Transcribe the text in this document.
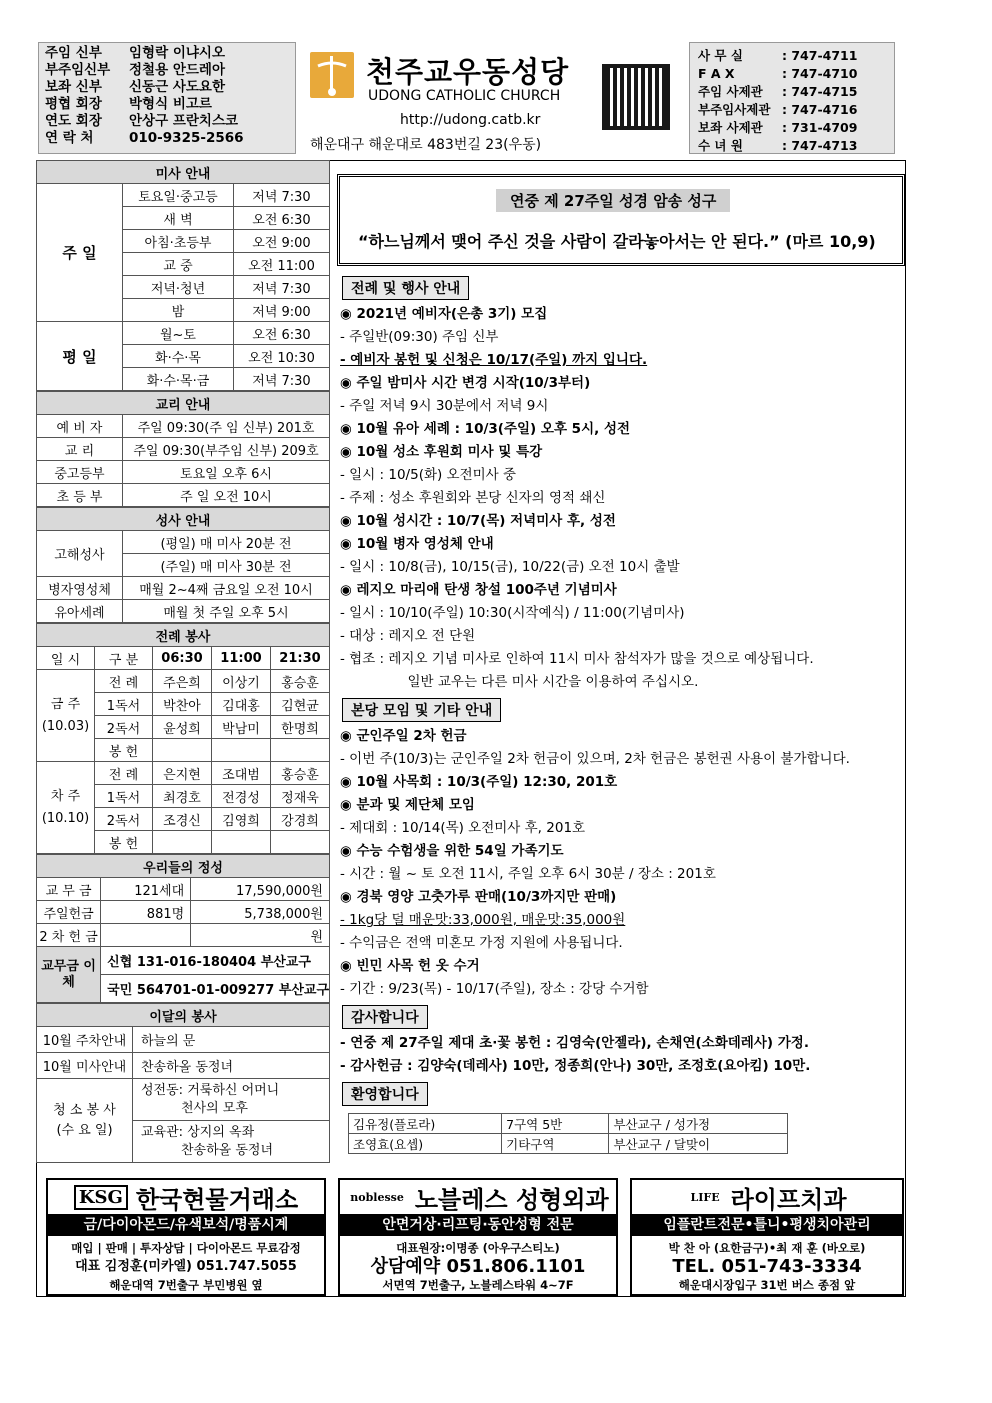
주임 신부	임형락 이냐시오
부주임신부	정철용 안드레아
보좌 신부	신동근 사도요한
평협 회장	박형식 비고르
연도 회장	안상구 프란치스코
연 락 처	010-9325-2566
천주교우동성당
UDONG CATHOLIC CHURCH
http://udong.catb.kr
해운대구 해운대로 483번길 23(우동)
사 무 실	: 747-4711
F A X	: 747-4710
주임 사제관	: 747-4715
부주임사제관 : 747-4716
보좌 사제관	: 731-4709
수 녀 원	: 747-4713
미사 안내		
주 일	토요일·중고등	저녁 7:30
	새 벽	오전 6:30
	아침·초등부	오전 9:00
	교 중	오전 11:00
	저녁·청년	저녁 7:30
	밤	저녁 9:00
평 일	월~토	오전 6:30
	화·수·목	오전 10:30
	화·수·목·금	저녁 7:30
교리 안내	
예 비 자	주일 09:30(주 임 신부) 201호
교 리	주일 09:30(부주임 신부) 209호
중고등부	토요일 오후 6시
초 등 부	주 일 오전 10시
성사 안내	
고해성사	(평일) 매 미사 20분 전
	(주일) 매 미사 30분 전
병자영성체	매월 2~4째 금요일 오전 10시
유아세례	매월 첫 주일 오후 5시
전례 봉사				
일 시	구 분	06:30	11:00	21:30

금 주
(10.03)	전 례	주은희	이상기	홍승훈
	1독서	박찬아	김대홍	김현균
	2독서	윤성희	박남미	한명희
	봉 헌			

차 주
(10.10)	전 례	은지현	조대범	홍승훈
	1독서	최경호	전경성	정재욱
	2독서	조경신	김영희	강경희
	봉 헌			
우리들의 정성		
교 무 금	121세대	17,590,000원
주일헌금	881명	5,738,000원
2 차 헌 금		원
교무금 이 체	신협 131-016-180404 부산교구	
	국민 564701-01-009277 부산교구	
이달의 봉사	
10월 주차안내	하늘의 문
10월 미사안내	찬송하올 동정녀
청 소 봉 사 (수 요 일)	성전동: 거룩하신 어머니
천사의 모후

	교육관: 상지의 옥좌
찬송하올 동정녀
연중 제 27주일 성경 암송 성구
“하느님께서 맺어 주신 것을 사람이 갈라놓아서는 안 된다.” (마르 10,9)
전례 및 행사 안내
◉ 2021년 예비자(은총 3기) 모집
- 주일반(09:30) 주임 신부
- 예비자 봉헌 및 신청은 10/17(주일) 까지 입니다.
◉ 주일 밤미사 시간 변경 시작(10/3부터)
- 주일 저녁 9시 30분에서 저녁 9시
◉ 10월 유아 세례 : 10/3(주일) 오후 5시, 성전
◉ 10월 성소 후원회 미사 및 특강
- 일시 : 10/5(화) 오전미사 중
- 주제 : 성소 후원회와 본당 신자의 영적 쇄신
◉ 10월 성시간 : 10/7(목) 저녁미사 후, 성전
◉ 10월 병자 영성체 안내
- 일시 : 10/8(금), 10/15(금), 10/22(금) 오전 10시 출발
◉ 레지오 마리애 탄생 창설 100주년 기념미사
- 일시 : 10/10(주일) 10:30(시작예식) / 11:00(기념미사)
- 대상 : 레지오 전 단원
- 협조 : 레지오 기념 미사로 인하여 11시 미사 참석자가 많을 것으로 예상됩니다.
　　　　　일반 교우는 다른 미사 시간을 이용하여 주십시오.
본당 모임 및 기타 안내
◉ 군인주일 2차 헌금
- 이번 주(10/3)는 군인주일 2차 헌금이 있으며, 2차 헌금은 봉헌권 사용이 불가합니다.
◉ 10월 사목회 : 10/3(주일) 12:30, 201호
◉ 분과 및 제단체 모임
- 제대회 : 10/14(목) 오전미사 후, 201호
◉ 수능 수험생을 위한 54일 가족기도
- 시간 : 월 ~ 토 오전 11시, 주일 오후 6시 30분 / 장소 : 201호
◉ 경북 영양 고춧가루 판매(10/3까지만 판매)
- 1kg당 덜 매운맛:33,000원, 매운맛:35,000원
- 수익금은 전액 미혼모 가정 지원에 사용됩니다.
◉ 빈민 사목 헌 옷 수거
- 기간 : 9/23(목) - 10/17(주일), 장소 : 강당 수거함
감사합니다
- 연중 제 27주일 제대 초·꽃 봉헌 : 김영숙(안젤라), 손채연(소화데레사) 가정.
- 감사헌금 : 김양숙(데레사) 10만, 정종희(안나) 30만, 조정호(요아킴) 10만.
환영합니다
김유정(플로라)	7구역 5반	부산교구 / 성가정
조영효(요셉)	기타구역	부산교구 / 달맞이
KSG 한국현물거래소
금/다이아몬드/유색보석/명품시계
매입 | 판매 | 투자상담 | 다이아몬드 무료감정
대표 김정훈(미카엘) 051.747.5055
해운대역 7번출구 부민병원 옆
noblesse 노블레스 성형외과
안면거상·리프팅·동안성형 전문
대표원장:이명종 (아우구스티노)
상담예약 051.806.1101
서면역 7번출구, 노블레스타워 4~7F
LIFE 라이프치과
임플란트전문•틀니•평생치아관리
박 찬 아 (요한금구)•최 재 훈 (바오로)
TEL. 051-743-3334
해운대시장입구 31번 버스 종점 앞
